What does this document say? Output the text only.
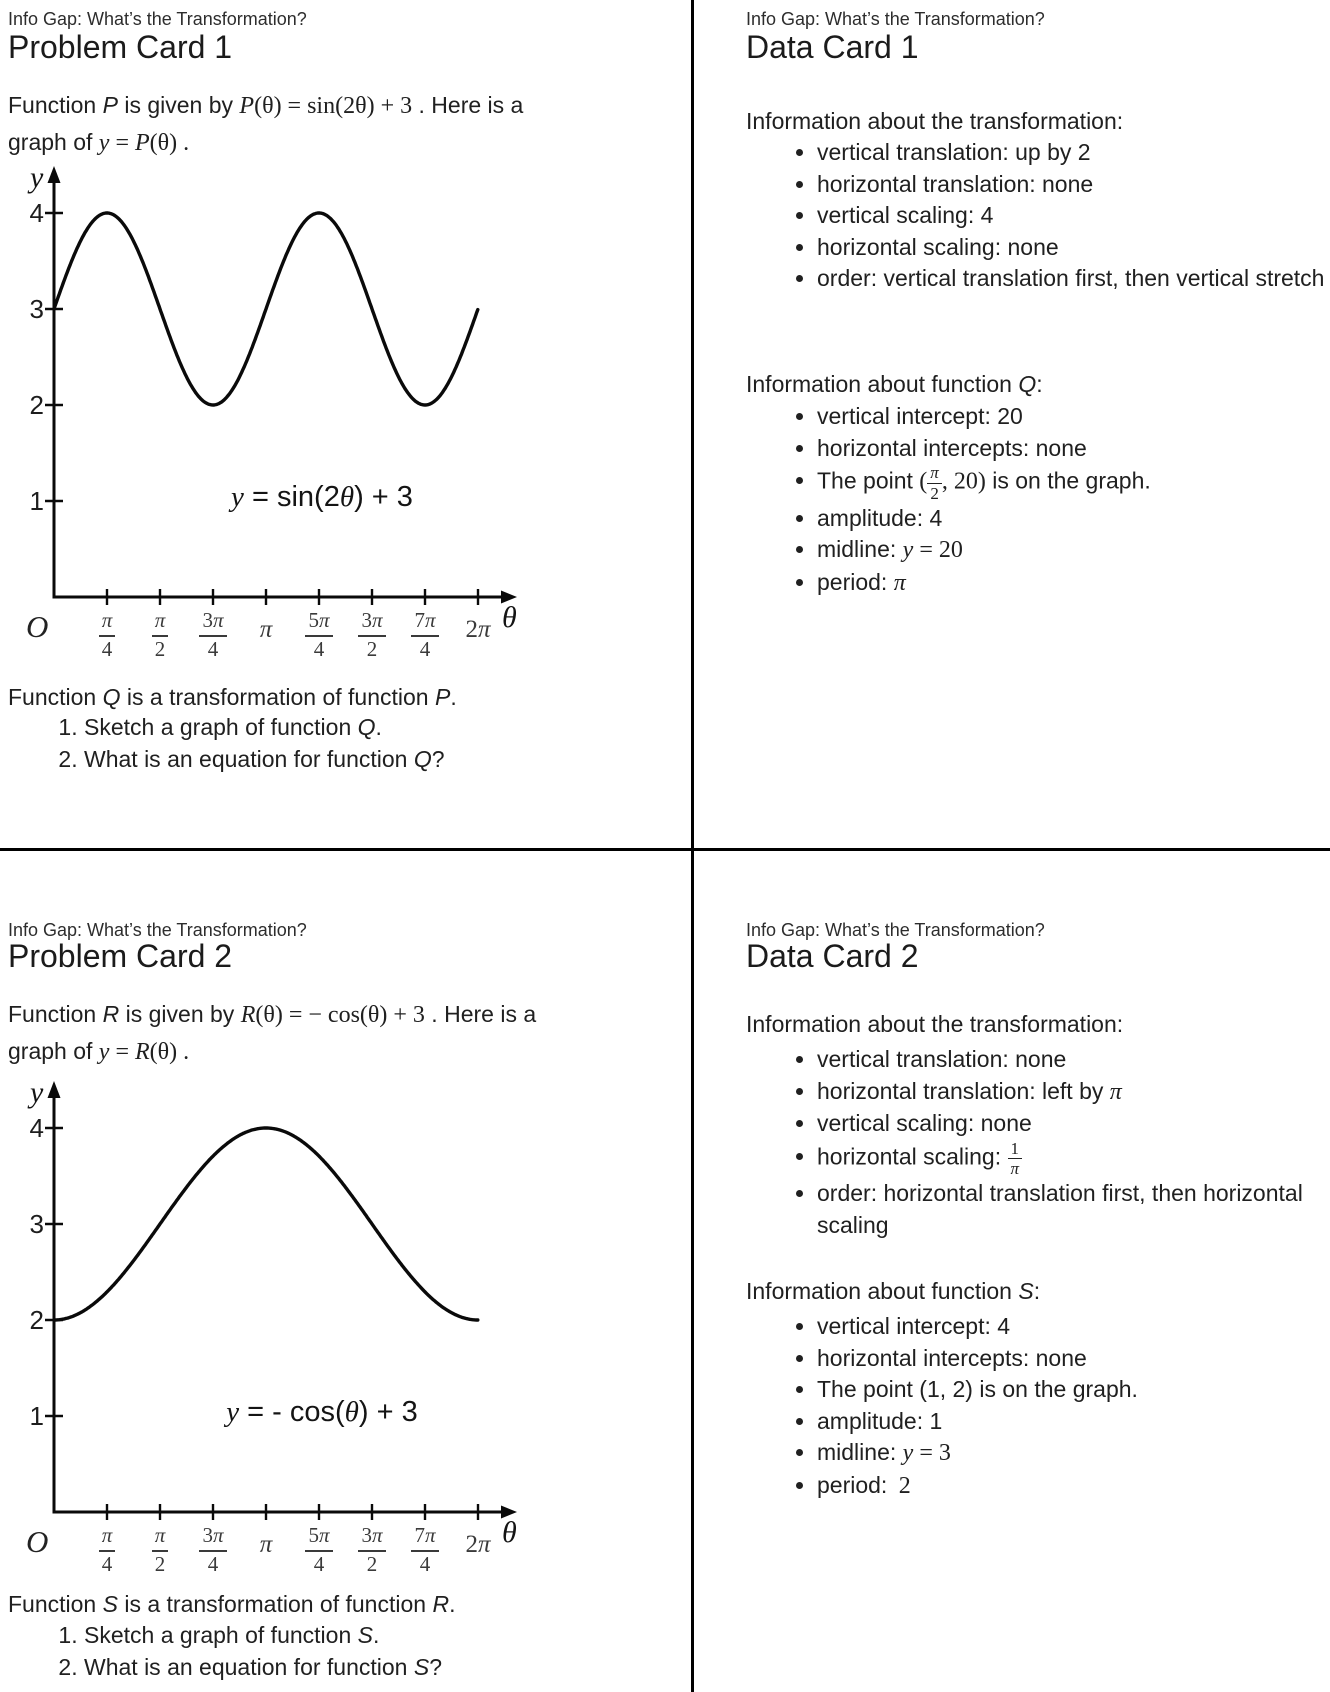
Info Gap: What’s the Transformation?
Problem Card 1
Function P is given by P(θ) = sin(2θ) + 3 . Here is a
graph of y = P(θ) .
y
θ
O
1
2
3
4
$\frac{\pi}{4} \frac{\pi}{2} \frac{3\pi}{4}$	π	$\frac{5\pi}{4} \frac{3\pi}{2} \frac{7\pi}{4}$	2π
y = sin(2θ) + 3
Function Q is a transformation of function P.
1. Sketch a graph of function Q.
2. What is an equation for function Q?
Info Gap: What’s the Transformation?
Data Card 1
Information about the transformation:
• vertical translation: up by 2
• horizontal translation: none
• vertical scaling: 4
• horizontal scaling: none
• order: vertical translation first, then vertical stretch
Information about function Q:
• vertical intercept: 20
• horizontal intercepts: none
• The point ( $\frac{\pi}{2}$ , 20) is on the graph.
• amplitude: 4
• midline: y = 20
• period: π
Info Gap: What’s the Transformation?
Problem Card 2
Function R is given by R(θ) = − cos(θ) + 3 . Here is a
graph of y = R(θ) .
y
θ
O
1
2
3
4
$\frac{\pi}{4} \frac{\pi}{2} \frac{3\pi}{4}$	π	$\frac{5\pi}{4} \frac{3\pi}{2} \frac{7\pi}{4}$	2π
y = - cos(θ) + 3
Function S is a transformation of function R.
1. Sketch a graph of function S.
2. What is an equation for function S?
Info Gap: What’s the Transformation?
Data Card 2
Information about the transformation:
• vertical translation: none
• horizontal translation: left by π
• vertical scaling: none
• horizontal scaling: $\frac{1}{\pi}$
• order: horizontal translation first, then horizontal scaling
Information about function S:
• vertical intercept: 4
• horizontal intercepts: none
• The point (1, 2) is on the graph.
• amplitude: 1
• midline: y = 3
• period: 2
